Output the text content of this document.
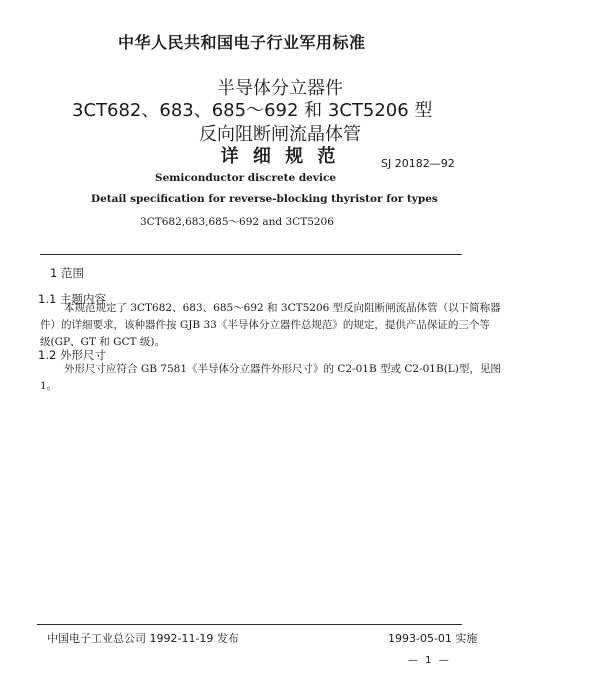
中华人民共和国电子行业军用标准
半导体分立器件
3CT682、683、685～692 和 3CT5206 型
反向阻断闸流晶体管
详 细 规 范	SJ 20182—92
Semiconductor discrete device
Detail specification for reverse-blocking thyristor for types
3CT682,683,685～692 and 3CT5206
1 范围
1.1 主题内容
本规范规定了 3CT682、683、685～692 和 3CT5206 型反向阻断闸流晶体管（以下简称器
件）的详细要求，该种器件按 GJB 33《半导体分立器件总规范》的规定，提供产品保证的三个等
级(GP、GT 和 GCT 级)。
1.2 外形尺寸
外形尺寸应符合 GB 7581《半导体分立器件外形尺寸》的 C2-01B 型或 C2-01B(L)型，见图
1。
中国电子工业总公司 1992-11-19 发布	1993-05-01 实施
— 1 —
